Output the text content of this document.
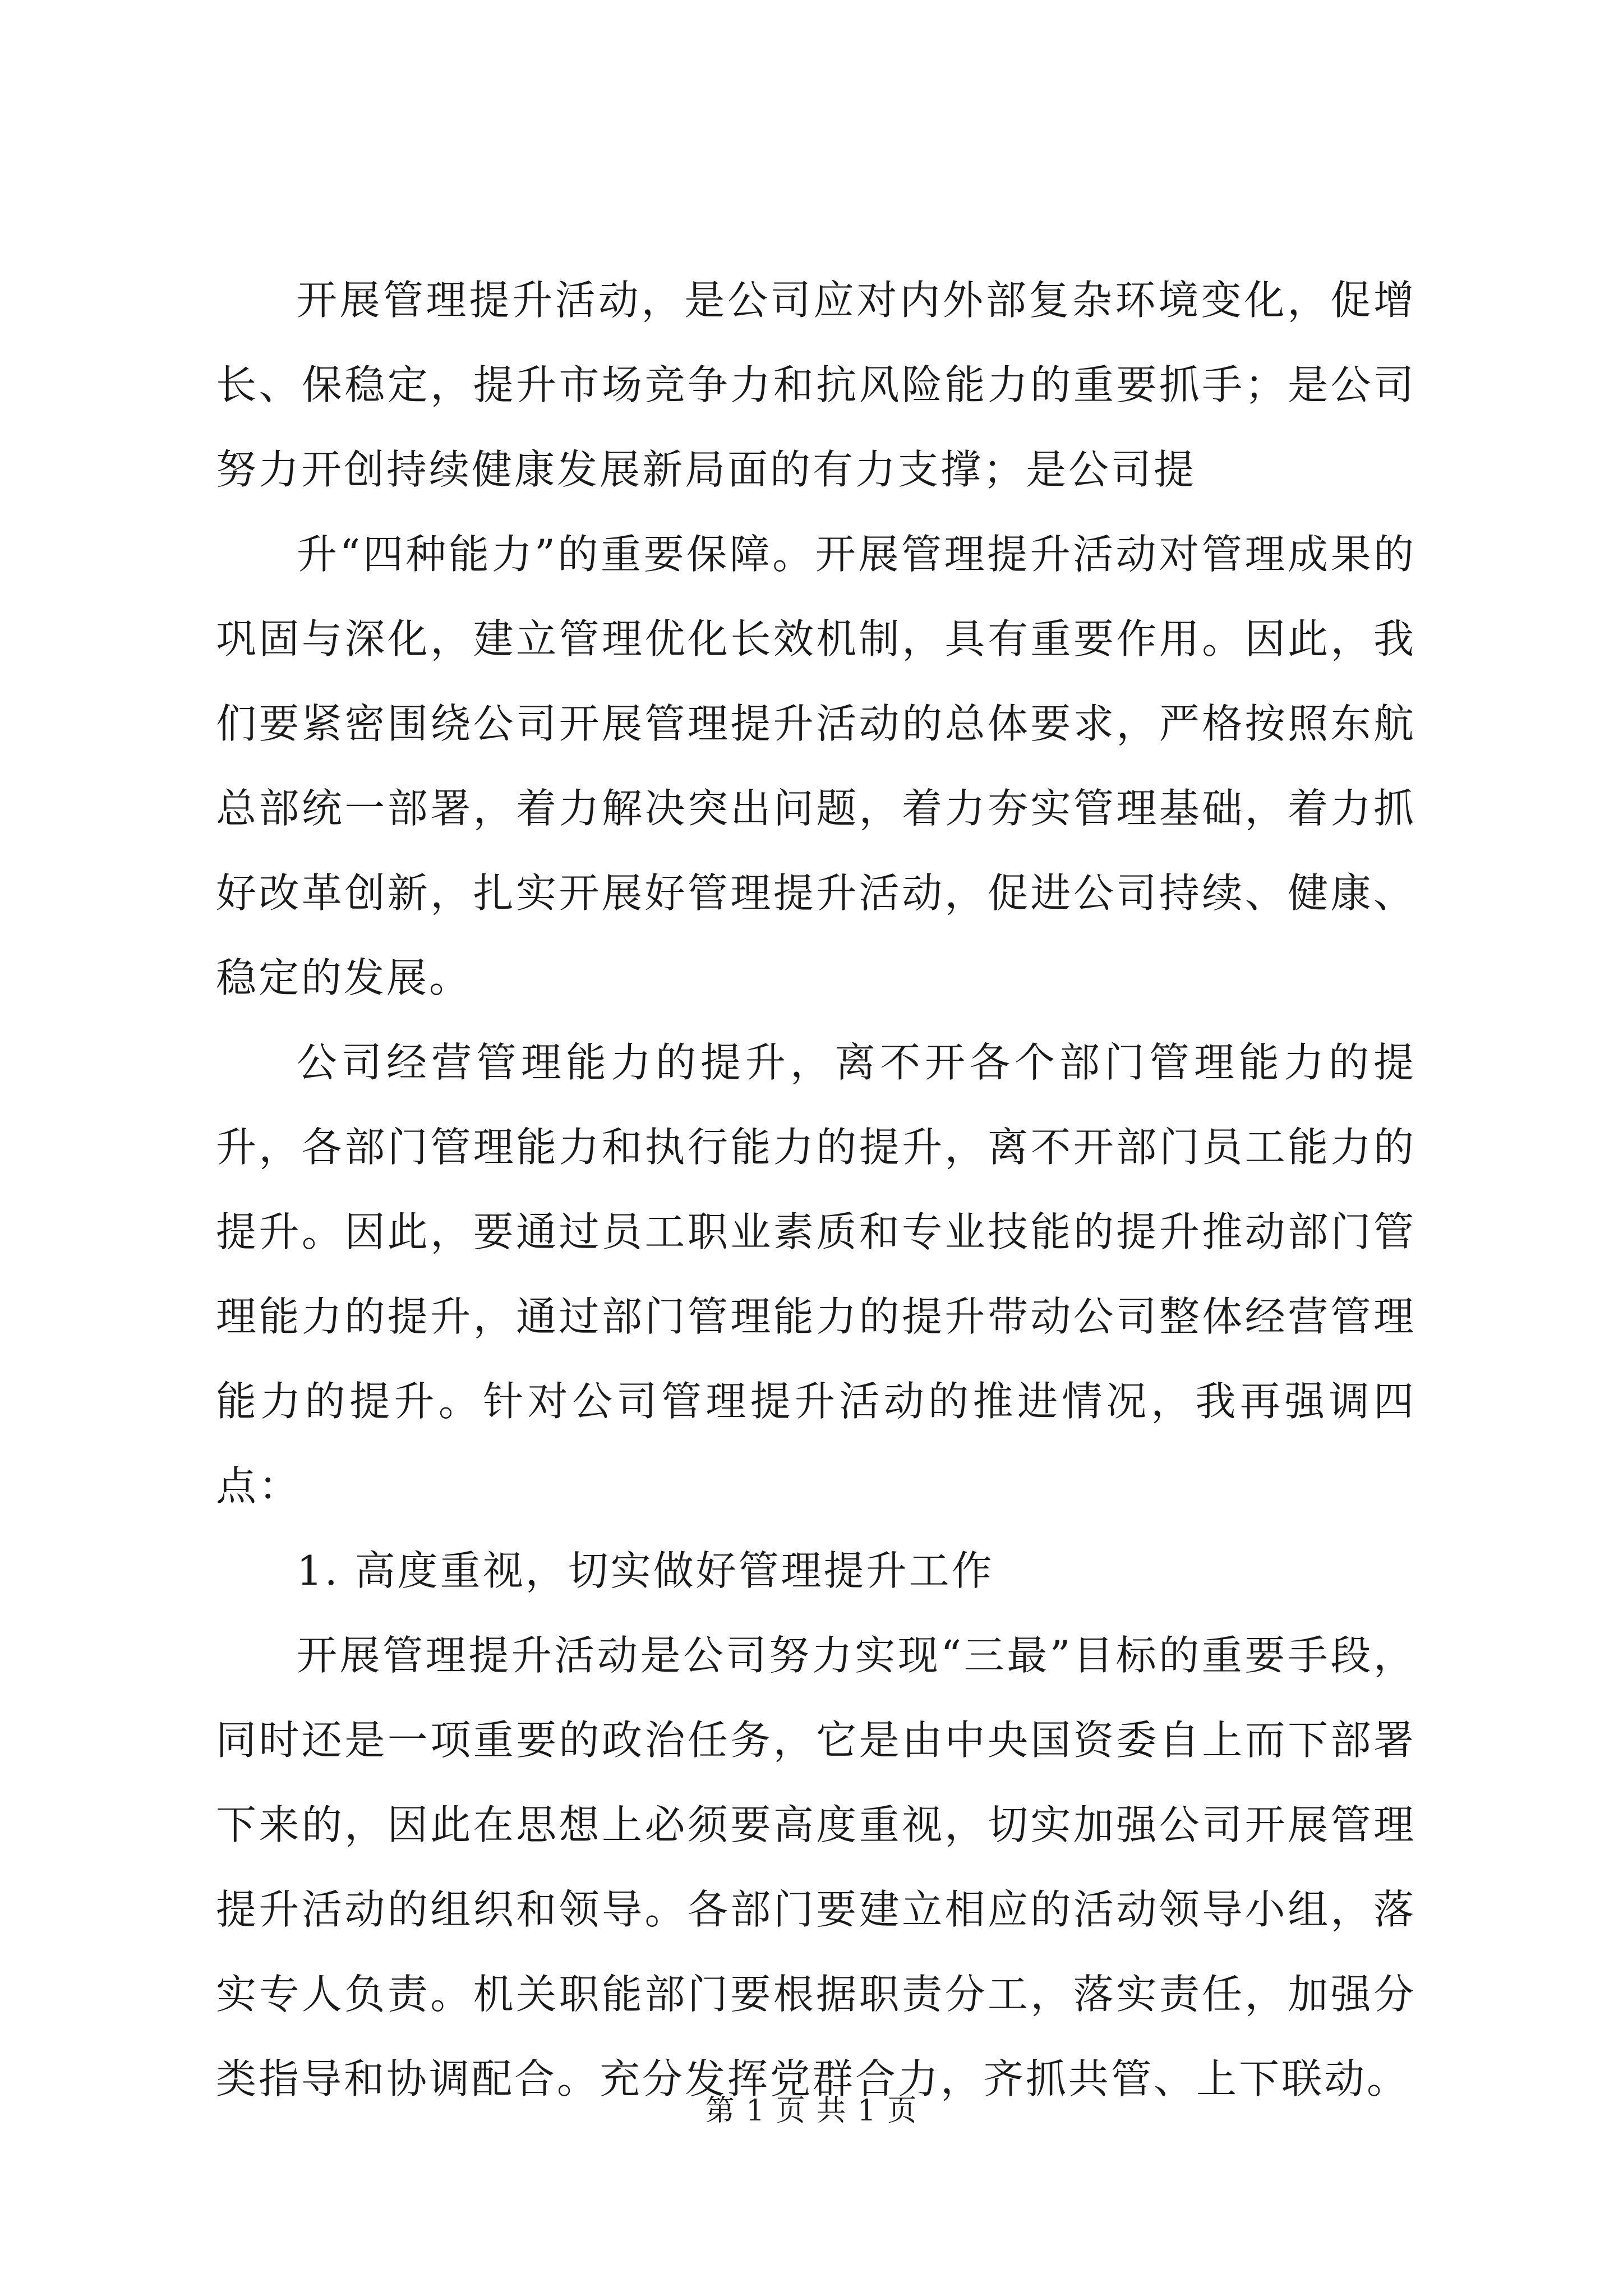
开展管理提升活动，是公司应对内外部复杂环境变化，促增长、保稳定，提升市场竞争力和抗风险能力的重要抓手；是公司努力开创持续健康发展新局面的有力支撑；是公司提

升“四种能力”的重要保障。开展管理提升活动对管理成果的巩固与深化，建立管理优化长效机制，具有重要作用。因此，我们要紧密围绕公司开展管理提升活动的总体要求，严格按照东航总部统一部署，着力解决突出问题，着力夯实管理基础，着力抓好改革创新，扎实开展好管理提升活动，促进公司持续、健康、稳定的发展。

公司经营管理能力的提升，离不开各个部门管理能力的提升，各部门管理能力和执行能力的提升，离不开部门员工能力的提升。因此，要通过员工职业素质和专业技能的提升推动部门管理能力的提升，通过部门管理能力的提升带动公司整体经营管理能力的提升。针对公司管理提升活动的推进情况，我再强调四点：

1. 高度重视，切实做好管理提升工作

开展管理提升活动是公司努力实现“三最”目标的重要手段，同时还是一项重要的政治任务，它是由中央国资委自上而下部署下来的，因此在思想上必须要高度重视，切实加强公司开展管理提升活动的组织和领导。各部门要建立相应的活动领导小组，落实专人负责。机关职能部门要根据职责分工，落实责任，加强分类指导和协调配合。充分发挥党群合力，齐抓共管、上下联动。

第 1 页 共 1 页
